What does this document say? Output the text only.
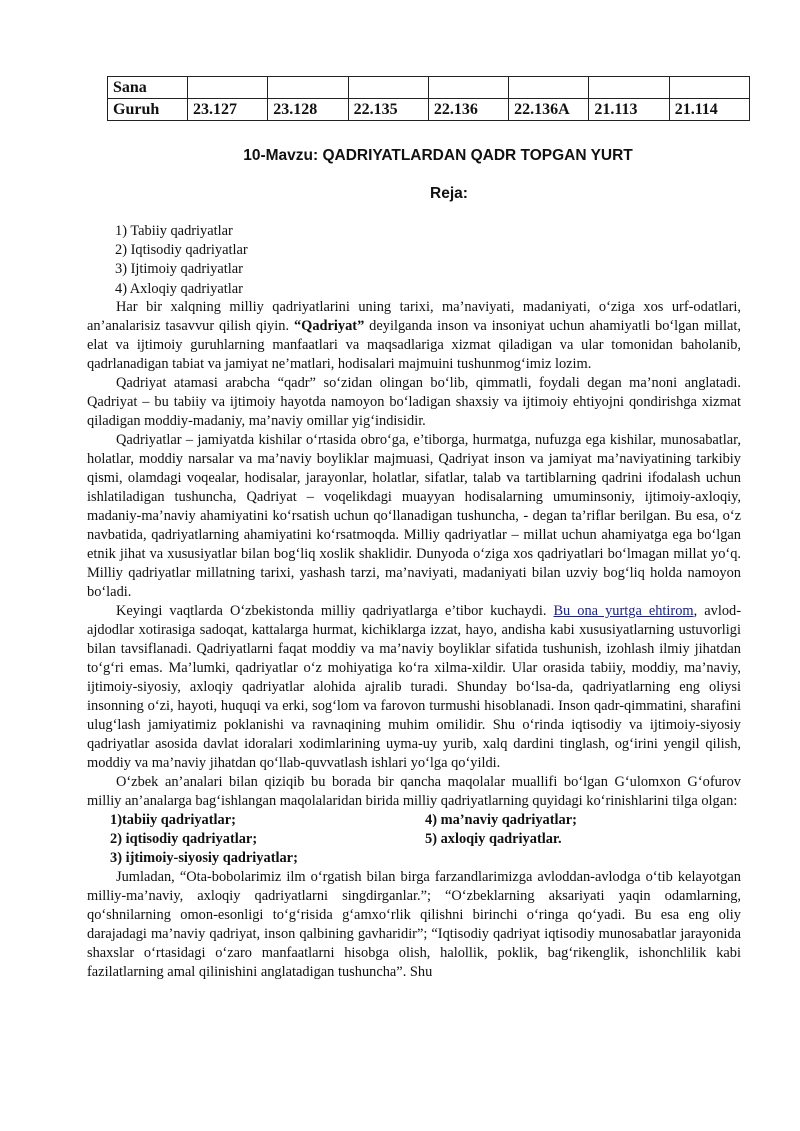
Sana							
Guruh	23.127	23.128	22.135	22.136	22.136A	21.113	21.114
10-Mavzu: QADRIYATLARDAN QADR TOPGAN YURT
Reja:
1) Tabiiy qadriyatlar
2) Iqtisodiy qadriyatlar
3) Ijtimoiy qadriyatlar
4) Axloqiy qadriyatlar

Har bir xalqning milliy qadriyatlarini uning tarixi, ma’naviyati, madaniyati, o‘ziga xos urf-odatlari, an’analarisiz tasavvur qilish qiyin. “Qadriyat” deyilganda inson va insoniyat uchun ahamiyatli bo‘lgan millat, elat va ijtimoiy guruhlarning manfaatlari va maqsadlariga xizmat qiladigan va ular tomonidan baholanib, qadrlanadigan tabiat va jamiyat ne’matlari, hodisalari majmuini tushunmog‘imiz lozim.

Qadriyat atamasi arabcha “qadr” so‘zidan olingan bo‘lib, qimmatli, foydali degan ma’noni anglatadi. Qadriyat – bu tabiiy va ijtimoiy hayotda namoyon bo‘ladigan shaxsiy va ijtimoiy ehtiyojni qondirishga xizmat qiladigan moddiy-madaniy, ma’naviy omillar yig‘indisidir.

Qadriyatlar – jamiyatda kishilar o‘rtasida obro‘ga, e’tiborga, hurmatga, nufuzga ega kishilar, munosabatlar, holatlar, moddiy narsalar va ma’naviy boyliklar majmuasi, Qadriyat inson va jamiyat ma’naviyatining tarkibiy qismi, olamdagi voqealar, hodisalar, jarayonlar, holatlar, sifatlar, talab va tartiblarning qadrini ifodalash uchun ishlatiladigan tushuncha, Qadriyat – voqelikdagi muayyan hodisalarning umuminsoniy, ijtimoiy-axloqiy, madaniy-ma’naviy ahamiyatini ko‘rsatish uchun qo‘llanadigan tushuncha, - degan ta’riflar berilgan. Bu esa, o‘z navbatida, qadriyatlarning ahamiyatini ko‘rsatmoqda. Milliy qadriyatlar – millat uchun ahamiyatga ega bo‘lgan etnik jihat va xususiyatlar bilan bog‘liq xoslik shaklidir. Dunyoda o‘ziga xos qadriyatlari bo‘lmagan millat yo‘q. Milliy qadriyatlar millatning tarixi, yashash tarzi, ma’naviyati, madaniyati bilan uzviy bog‘liq holda namoyon bo‘ladi.

Keyingi vaqtlarda O‘zbekistonda milliy qadriyatlarga e’tibor kuchaydi. Bu ona yurtga ehtirom, avlod-ajdodlar xotirasiga sadoqat, kattalarga hurmat, kichiklarga izzat, hayo, andisha kabi xususiyatlarning ustuvorligi bilan tavsiflanadi. Qadriyatlarni faqat moddiy va ma’naviy boyliklar sifatida tushunish, izohlash ilmiy jihatdan to‘g‘ri emas. Ma’lumki, qadriyatlar o‘z mohiyatiga ko‘ra xilma-xildir. Ular orasida tabiiy, moddiy, ma’naviy, ijtimoiy-siyosiy, axloqiy qadriyatlar alohida ajralib turadi. Shunday bo‘lsa-da, qadriyatlarning eng oliysi insonning o‘zi, hayoti, huquqi va erki, sog‘lom va farovon turmushi hisoblanadi. Inson qadr-qimmatini, sharafini ulug‘lash jamiyatimiz poklanishi va ravnaqining muhim omilidir. Shu o‘rinda iqtisodiy va ijtimoiy-siyosiy qadriyatlar asosida davlat idoralari xodimlarining uyma-uy yurib, xalq dardini tinglash, og‘irini yengil qilish, moddiy va ma’naviy jihatdan qo‘llab-quvvatlash ishlari yo‘lga qo‘yildi.

O‘zbek an’analari bilan qiziqib bu borada bir qancha maqolalar muallifi bo‘lgan G‘ulomxon G‘ofurov milliy an’analarga bag‘ishlangan maqolalaridan birida milliy qadriyatlarning quyidagi ko‘rinishlarini tilga olgan:

1)tabiiy qadriyatlar;
2) iqtisodiy qadriyatlar;
3) ijtimoiy-siyosiy qadriyatlar;
4) ma’naviy qadriyatlar;
5) axloqiy qadriyatlar.

Jumladan, “Ota-bobolarimiz ilm o‘rgatish bilan birga farzandlarimizga avloddan-avlodga o‘tib kelayotgan milliy-ma’naviy, axloqiy qadriyatlarni singdirganlar.”; “O‘zbeklarning aksariyati yaqin odamlarning, qo‘shnilarning omon-esonligi to‘g‘risida g‘amxo‘rlik qilishni birinchi o‘ringa qo‘yadi. Bu esa eng oliy darajadagi ma’naviy qadriyat, inson qalbining gavharidir”; “Iqtisodiy qadriyat iqtisodiy munosabatlar jarayonida shaxslar o‘rtasidagi o‘zaro manfaatlarni hisobga olish, halollik, poklik, bag‘rikenglik, ishonchlilik kabi fazilatlarning amal qilinishini anglatadigan tushuncha”. Shu
